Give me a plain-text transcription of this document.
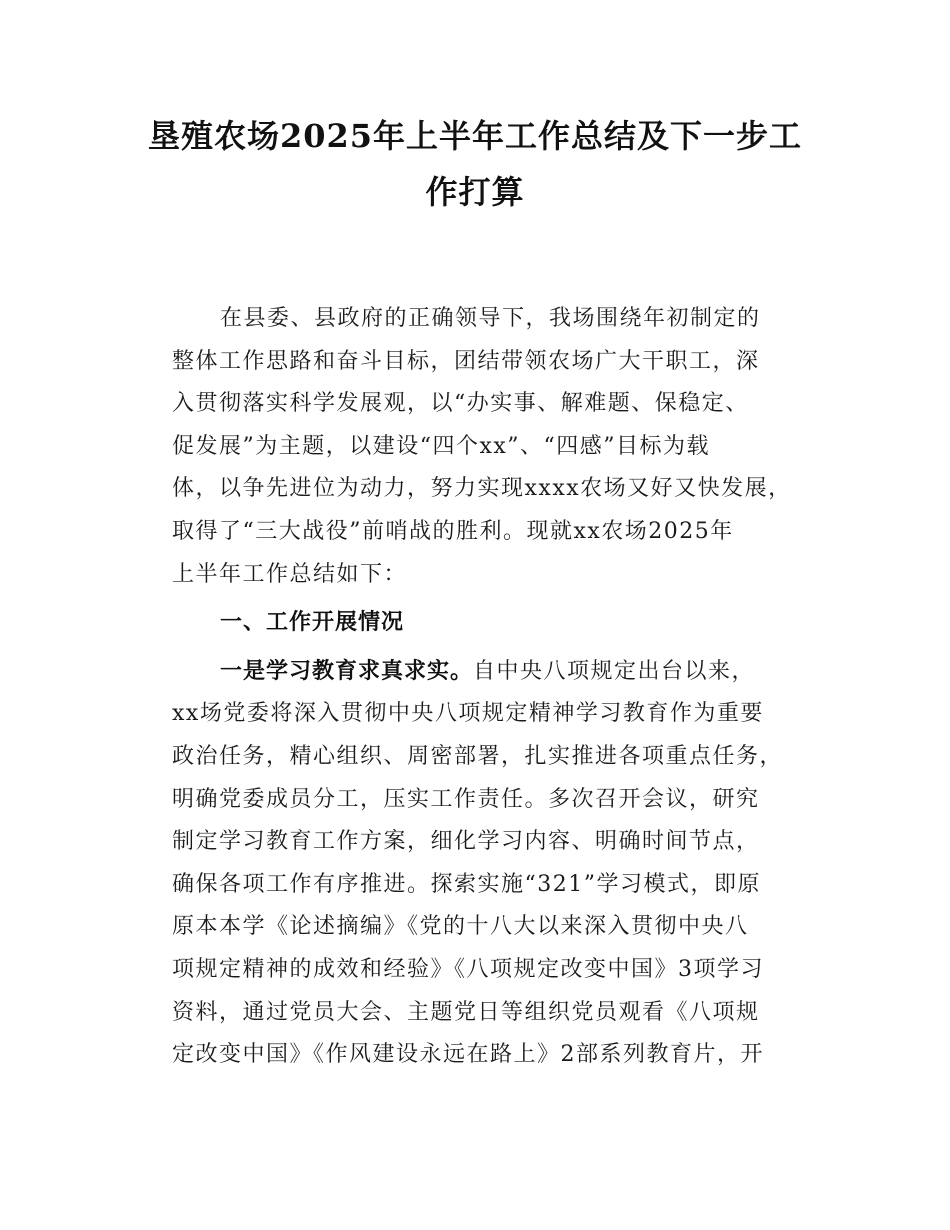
垦殖农场2025年上半年工作总结及下一步工
作打算
在县委、县政府的正确领导下，我场围绕年初制定的
整体工作思路和奋斗目标，团结带领农场广大干职工，深
入贯彻落实科学发展观，以“办实事、解难题、保稳定、
促发展”为主题，以建设“四个xx”、“四感”目标为载
体，以争先进位为动力，努力实现xxxx农场又好又快发展，
取得了“三大战役”前哨战的胜利。现就xx农场2025年
上半年工作总结如下：
一、工作开展情况
一是学习教育求真求实。自中央八项规定出台以来，
xx场党委将深入贯彻中央八项规定精神学习教育作为重要
政治任务，精心组织、周密部署，扎实推进各项重点任务，
明确党委成员分工，压实工作责任。多次召开会议，研究
制定学习教育工作方案，细化学习内容、明确时间节点，
确保各项工作有序推进。探索实施“321”学习模式，即原
原本本学《论述摘编》《党的十八大以来深入贯彻中央八
项规定精神的成效和经验》《八项规定改变中国》3项学习
资料，通过党员大会、主题党日等组织党员观看《八项规
定改变中国》《作风建设永远在路上》2部系列教育片，开
